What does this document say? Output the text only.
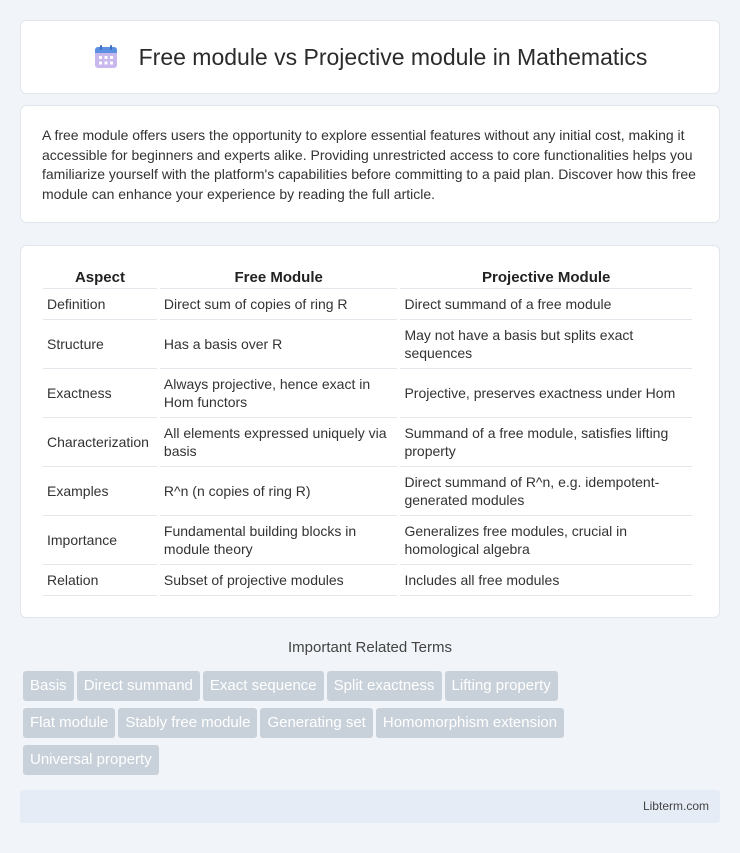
Free module vs Projective module in Mathematics

A free module offers users the opportunity to explore essential features without any initial cost, making it accessible for beginners and experts alike. Providing unrestricted access to core functionalities helps you familiarize yourself with the platform's capabilities before committing to a paid plan. Discover how this free module can enhance your experience by reading the full article.

Aspect	Free Module	Projective Module
Definition	Direct sum of copies of ring R	Direct summand of a free module
Structure	Has a basis over R	May not have a basis but splits exact sequences
Exactness	Always projective, hence exact in Hom functors	Projective, preserves exactness under Hom
Characterization	All elements expressed uniquely via basis	Summand of a free module, satisfies lifting property
Examples	R^n (n copies of ring R)	Direct summand of R^n, e.g. idempotent-generated modules
Importance	Fundamental building blocks in module theory	Generalizes free modules, crucial in homological algebra
Relation	Subset of projective modules	Includes all free modules
Important Related Terms
Basis Direct summand Exact sequence Split exactness Lifting property
Flat module Stably free module Generating set Homomorphism extension
Universal property
Libterm.com
